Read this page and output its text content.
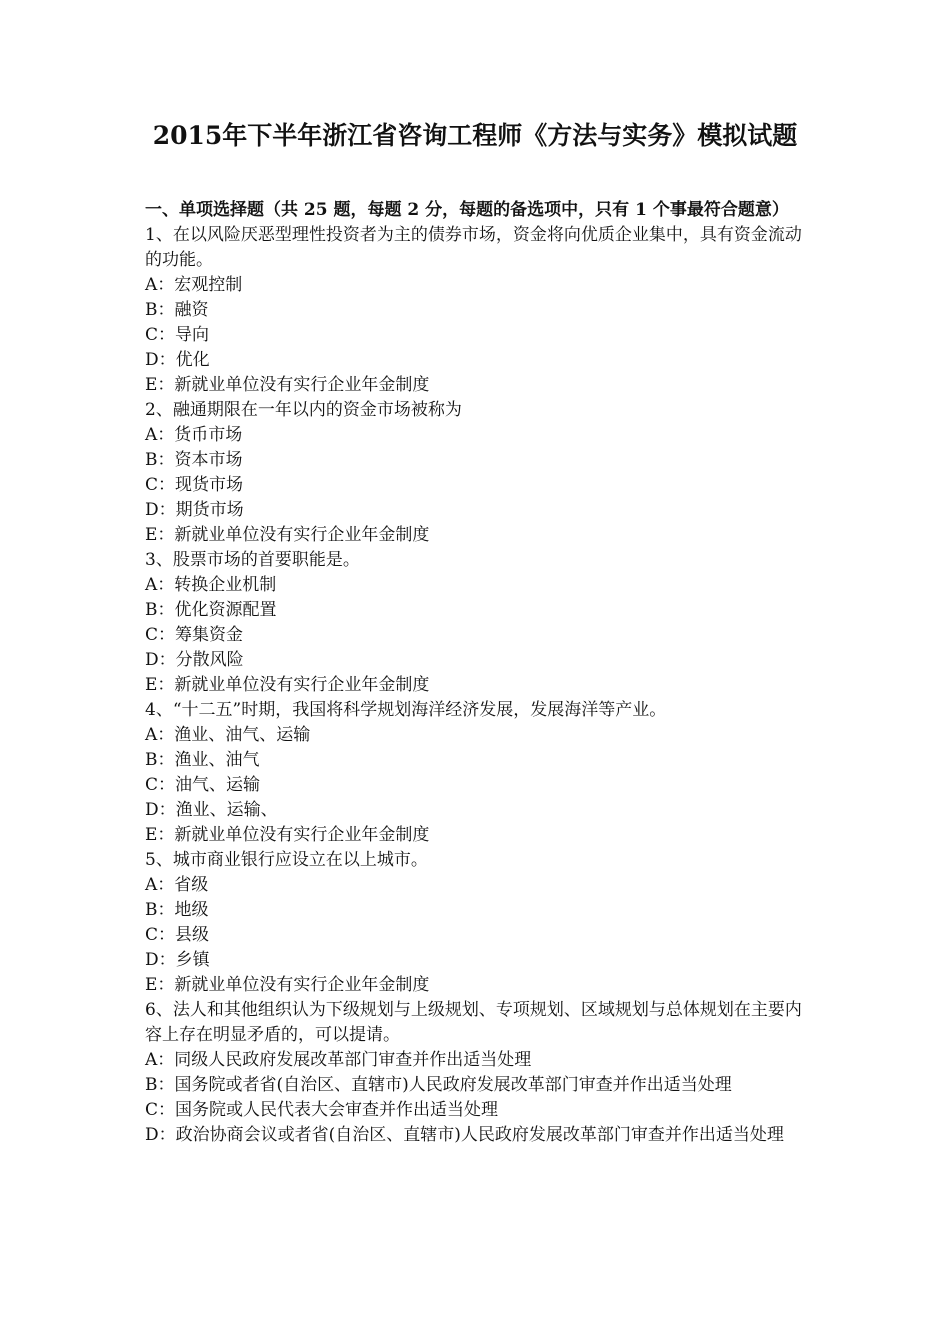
2015年下半年浙江省咨询工程师《方法与实务》模拟试题
一、单项选择题（共 25 题，每题 2 分，每题的备选项中，只有 1 个事最符合题意）
1、在以风险厌恶型理性投资者为主的债券市场，资金将向优质企业集中，具有资金流动的功能。
A：宏观控制
B：融资
C：导向
D：优化
E：新就业单位没有实行企业年金制度
2、融通期限在一年以内的资金市场被称为
A：货币市场
B：资本市场
C：现货市场
D：期货市场
E：新就业单位没有实行企业年金制度
3、股票市场的首要职能是。
A：转换企业机制
B：优化资源配置
C：筹集资金
D：分散风险
E：新就业单位没有实行企业年金制度
4、“十二五”时期，我国将科学规划海洋经济发展，发展海洋等产业。
A：渔业、油气、运输
B：渔业、油气
C：油气、运输
D：渔业、运输、
E：新就业单位没有实行企业年金制度
5、城市商业银行应设立在以上城市。
A：省级
B：地级
C：县级
D：乡镇
E：新就业单位没有实行企业年金制度
6、法人和其他组织认为下级规划与上级规划、专项规划、区域规划与总体规划在主要内容上存在明显矛盾的，可以提请。
A：同级人民政府发展改革部门审查并作出适当处理
B：国务院或者省(自治区、直辖市)人民政府发展改革部门审查并作出适当处理
C：国务院或人民代表大会审查并作出适当处理
D：政治协商会议或者省(自治区、直辖市)人民政府发展改革部门审查并作出适当处理
